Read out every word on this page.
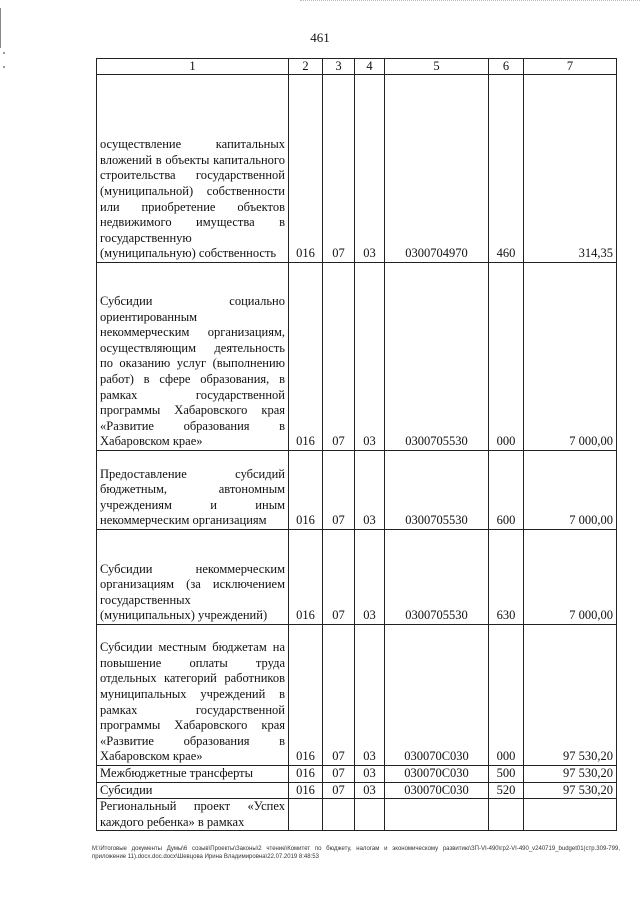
461
1	2	3	4	5	6	7

осуществление капитальных вложений в объекты капитального строительства государственной (муниципальной) собственности или приобретение объектов недвижимого имущества в государственную (муниципальную) собственность	016	07	03	0300704970	460	314,35

Субсидии социально ориентированным некоммерческим организациям, осуществляющим деятельность по оказанию услуг (выполнению работ) в сфере образования, в рамках государственной программы Хабаровского края «Развитие образования в Хабаровском крае»	016	07	03	0300705530	000	7 000,00

Предоставление субсидий бюджетным, автономным учреждениям и иным некоммерческим организациям	016	07	03	0300705530	600	7 000,00

Субсидии некоммерческим организациям (за исключением государственных (муниципальных) учреждений)	016	07	03	0300705530	630	7 000,00

Субсидии местным бюджетам на повышение оплаты труда отдельных категорий работников муниципальных учреждений в рамках государственной программы Хабаровского края «Развитие образования в Хабаровском крае»	016	07	03	030070С030	000	97 530,20

Межбюджетные трансферты	016	07	03	030070С030	500	97 530,20

Субсидии	016	07	03	030070С030	520	97 530,20

Региональный проект «Успех каждого ребенка» в рамках						

М:\Итоговые документы Думы\6 созыв\Проекты\Законы\2 чтение\Комитет по бюджету, налогам и экономическому развитию\ЗП-VI-490\гр2-VI-490_v240719_budget01(стр.309-799, приложение 11).docx.doc.docx\Шевцова Ирина Владимировна\22.07.2019 8:48:53
